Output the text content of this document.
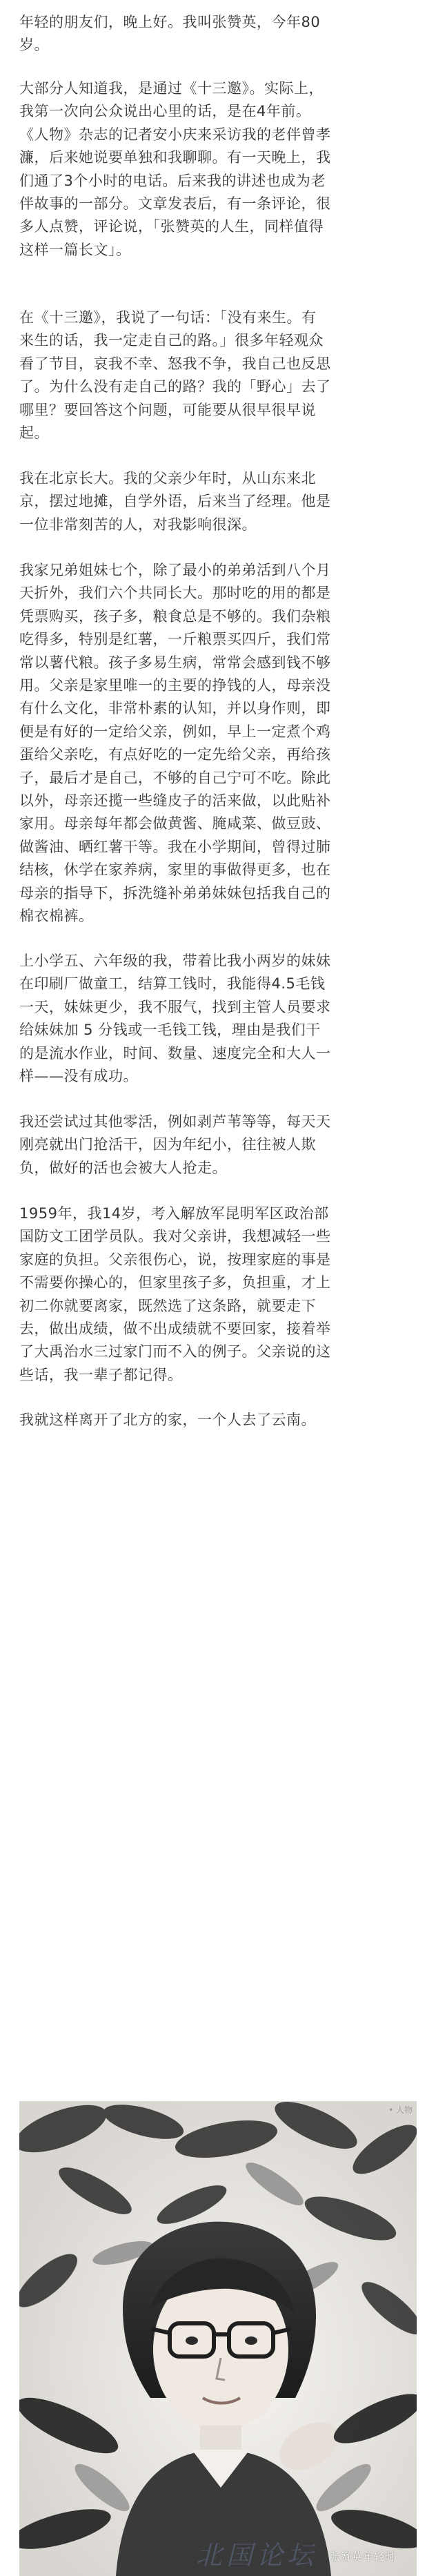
年轻的朋友们，晚上好。我叫张赞英，今年80
岁。

大部分人知道我，是通过《十三邀》。实际上，
我第一次向公众说出心里的话，是在4年前。
《人物》杂志的记者安小庆来采访我的老伴曾孝
濂，后来她说要单独和我聊聊。有一天晚上，我
们通了3个小时的电话。后来我的讲述也成为老
伴故事的一部分。文章发表后，有一条评论，很
多人点赞，评论说，「张赞英的人生，同样值得
这样一篇长文」。

在《十三邀》，我说了一句话：「没有来生。有
来生的话，我一定走自己的路。」很多年轻观众
看了节目，哀我不幸、怒我不争，我自己也反思
了。为什么没有走自己的路？我的「野心」去了
哪里？要回答这个问题，可能要从很早很早说
起。

我在北京长大。我的父亲少年时，从山东来北
京，摆过地摊，自学外语，后来当了经理。他是
一位非常刻苦的人，对我影响很深。

我家兄弟姐妹七个，除了最小的弟弟活到八个月
天折外，我们六个共同长大。那时吃的用的都是
凭票购买，孩子多，粮食总是不够的。我们杂粮
吃得多，特别是红薯，一斤粮票买四斤，我们常
常以薯代粮。孩子多易生病，常常会感到钱不够
用。父亲是家里唯一的主要的挣钱的人，母亲没
有什么文化，非常朴素的认知，并以身作则，即
便是有好的一定给父亲，例如，早上一定煮个鸡
蛋给父亲吃，有点好吃的一定先给父亲，再给孩
子，最后才是自己，不够的自己宁可不吃。除此
以外，母亲还揽一些缝皮子的活来做，以此贴补
家用。母亲每年都会做黄酱、腌咸菜、做豆豉、
做酱油、晒红薯干等。我在小学期间，曾得过肺
结核，休学在家养病，家里的事做得更多，也在
母亲的指导下，拆洗缝补弟弟妹妹包括我自己的
棉衣棉裤。

上小学五、六年级的我，带着比我小两岁的妹妹
在印刷厂做童工，结算工钱时，我能得4.5毛钱
一天，妹妹更少，我不服气，找到主管人员要求
给妹妹加 5 分钱或一毛钱工钱，理由是我们干
的是流水作业，时间、数量、速度完全和大人一
样——没有成功。

我还尝试过其他零活，例如剥芦苇等等，每天天
刚亮就出门抢活干，因为年纪小，往往被人欺
负，做好的活也会被大人抢走。

1959年，我14岁，考入解放军昆明军区政治部
国防文工团学员队。我对父亲讲，我想减轻一些
家庭的负担。父亲很伤心，说，按理家庭的事是
不需要你操心的，但家里孩子多，负担重，才上
初二你就要离家，既然选了这条路，就要走下
去，做出成绩，做不出成绩就不要回家，接着举
了大禹治水三过家门而不入的例子。父亲说的这
些话，我一辈子都记得。

我就这样离开了北方的家，一个人去了云南。

• 人物
北国论坛 张赞英年轻时
